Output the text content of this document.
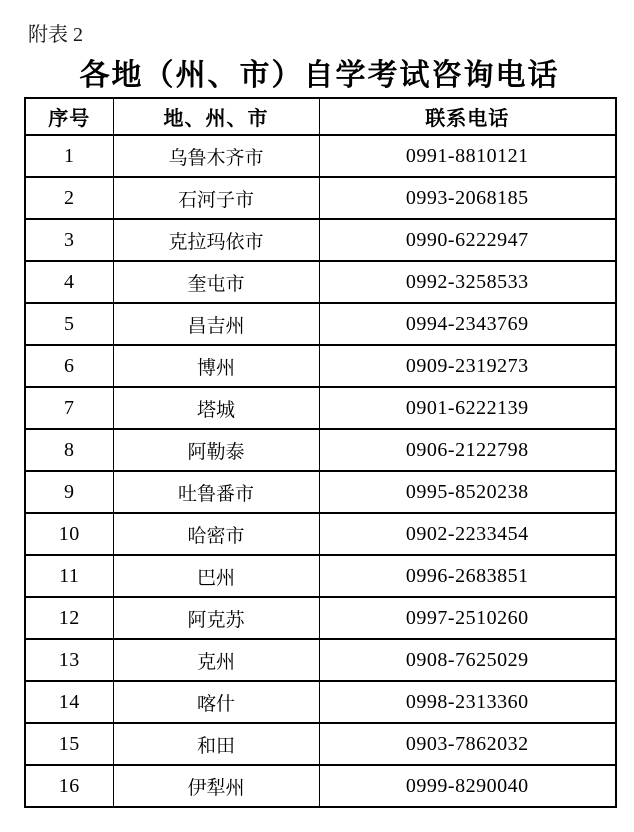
附表 2
各地（州、市）自学考试咨询电话
序号	地、州、市	联系电话
1	乌鲁木齐市	0991-8810121
2	石河子市	0993-2068185
3	克拉玛依市	0990-6222947
4	奎屯市	0992-3258533
5	昌吉州	0994-2343769
6	博州	0909-2319273
7	塔城	0901-6222139
8	阿勒泰	0906-2122798
9	吐鲁番市	0995-8520238
10	哈密市	0902-2233454
11	巴州	0996-2683851
12	阿克苏	0997-2510260
13	克州	0908-7625029
14	喀什	0998-2313360
15	和田	0903-7862032
16	伊犁州	0999-8290040
